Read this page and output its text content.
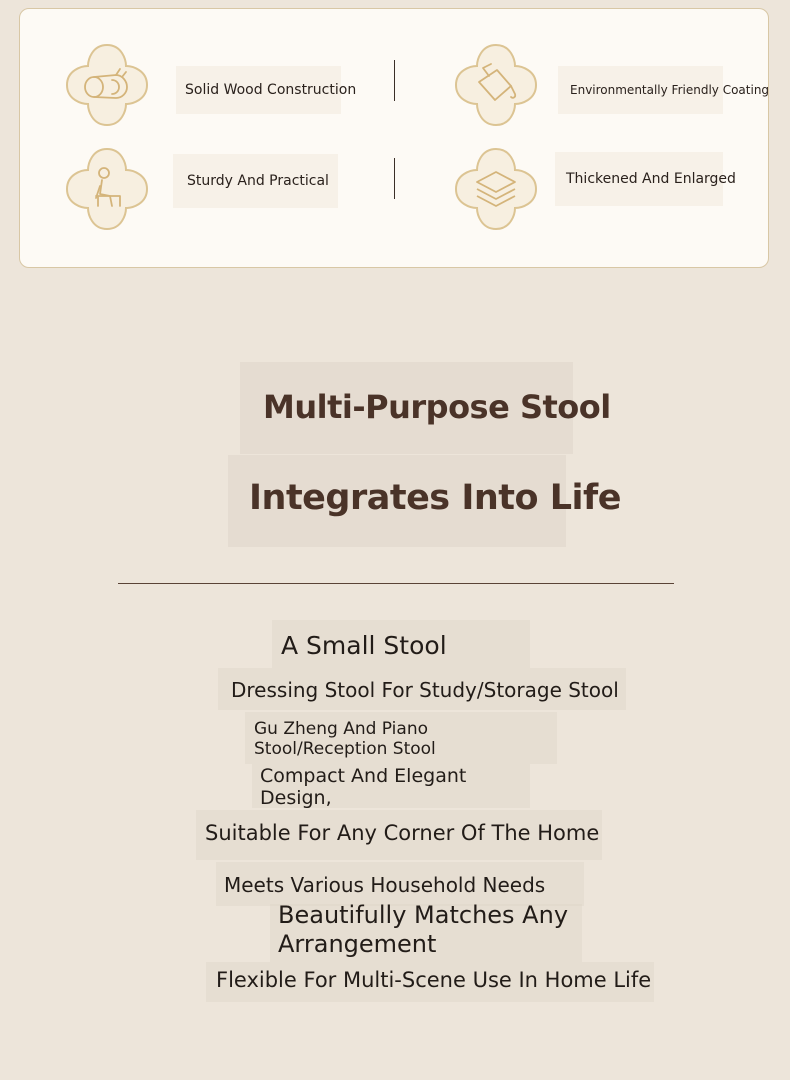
Solid Wood Construction	Environmentally Friendly Coating
Sturdy And Practical	Thickened And Enlarged
Multi-Purpose Stool
Integrates Into Life
A Small Stool
Dressing Stool For Study/Storage Stool
Gu Zheng And Piano
Stool/Reception Stool
Compact And Elegant
Design,
Suitable For Any Corner Of The Home
Meets Various Household Needs
Beautifully Matches Any
Arrangement
Flexible For Multi-Scene Use In Home Life
